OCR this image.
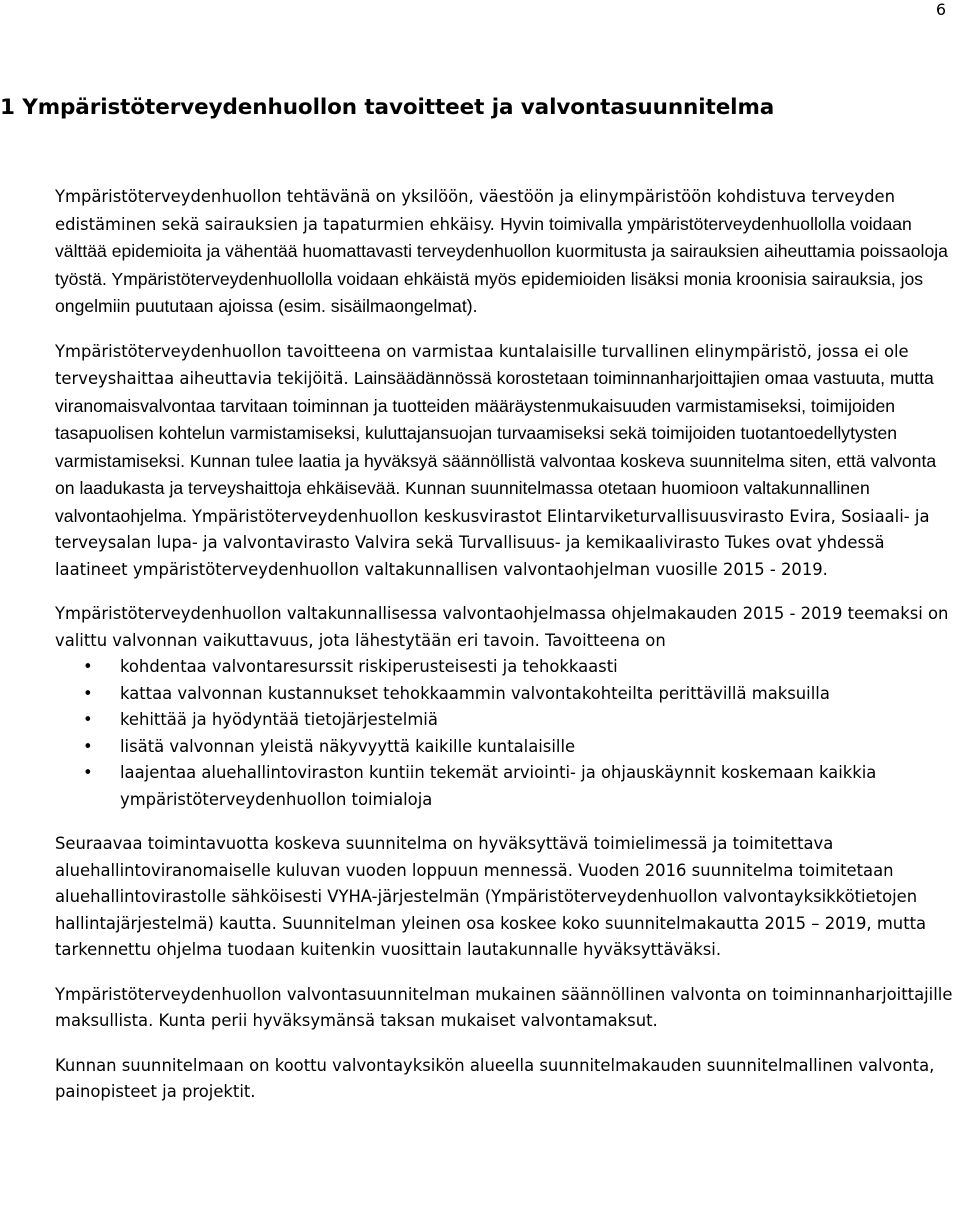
6
1 Ympäristöterveydenhuollon tavoitteet ja valvontasuunnitelma

Ympäristöterveydenhuollon tehtävänä on yksilöön, väestöön ja elinympäristöön kohdistuva terveyden edistäminen sekä sairauksien ja tapaturmien ehkäisy. Hyvin toimivalla ympäristöterveydenhuollolla voidaan välttää epidemioita ja vähentää huomattavasti terveydenhuollon kuormitusta ja sairauksien aiheuttamia poissaoloja työstä. Ympäristöterveydenhuollolla voidaan ehkäistä myös epidemioiden lisäksi monia kroonisia sairauksia, jos ongelmiin puututaan ajoissa (esim. sisäilmaongelmat).

Ympäristöterveydenhuollon tavoitteena on varmistaa kuntalaisille turvallinen elinympäristö, jossa ei ole terveyshaittaa aiheuttavia tekijöitä. Lainsäädännössä korostetaan toiminnanharjoittajien omaa vastuuta, mutta viranomaisvalvontaa tarvitaan toiminnan ja tuotteiden määräystenmukaisuuden varmistamiseksi, toimijoiden tasapuolisen kohtelun varmistamiseksi, kuluttajansuojan turvaamiseksi sekä toimijoiden tuotantoedellytysten varmistamiseksi. Kunnan tulee laatia ja hyväksyä säännöllistä valvontaa koskeva suunnitelma siten, että valvonta on laadukasta ja terveyshaittoja ehkäisevää. Kunnan suunnitelmassa otetaan huomioon valtakunnallinen valvontaohjelma. Ympäristöterveydenhuollon keskusvirastot Elintarviketurvallisuusvirasto Evira, Sosiaali- ja terveysalan lupa- ja valvontavirasto Valvira sekä Turvallisuus- ja kemikaalivirasto Tukes ovat yhdessä laatineet ympäristöterveydenhuollon valtakunnallisen valvontaohjelman vuosille 2015 - 2019.

Ympäristöterveydenhuollon valtakunnallisessa valvontaohjelmassa ohjelmakauden 2015 - 2019 teemaksi on valittu valvonnan vaikuttavuus, jota lähestytään eri tavoin. Tavoitteena on

• kohdentaa valvontaresurssit riskiperusteisesti ja tehokkaasti
• kattaa valvonnan kustannukset tehokkaammin valvontakohteilta perittävillä maksuilla
• kehittää ja hyödyntää tietojärjestelmiä
• lisätä valvonnan yleistä näkyvyyttä kaikille kuntalaisille
• laajentaa aluehallintoviraston kuntiin tekemät arviointi- ja ohjauskäynnit koskemaan kaikkia ympäristöterveydenhuollon toimialoja

Seuraavaa toimintavuotta koskeva suunnitelma on hyväksyttävä toimielimessä ja toimitettava aluehallintoviranomaiselle kuluvan vuoden loppuun mennessä. Vuoden 2016 suunnitelma toimitetaan aluehallintovirastolle sähköisesti VYHA-järjestelmän (Ympäristöterveydenhuollon valvontayksikkötietojen hallintajärjestelmä) kautta. Suunnitelman yleinen osa koskee koko suunnitelmakautta 2015 – 2019, mutta tarkennettu ohjelma tuodaan kuitenkin vuosittain lautakunnalle hyväksyttäväksi.

Ympäristöterveydenhuollon valvontasuunnitelman mukainen säännöllinen valvonta on toiminnanharjoittajille maksullista. Kunta perii hyväksymänsä taksan mukaiset valvontamaksut.

Kunnan suunnitelmaan on koottu valvontayksikön alueella suunnitelmakauden suunnitelmallinen valvonta, painopisteet ja projektit.
